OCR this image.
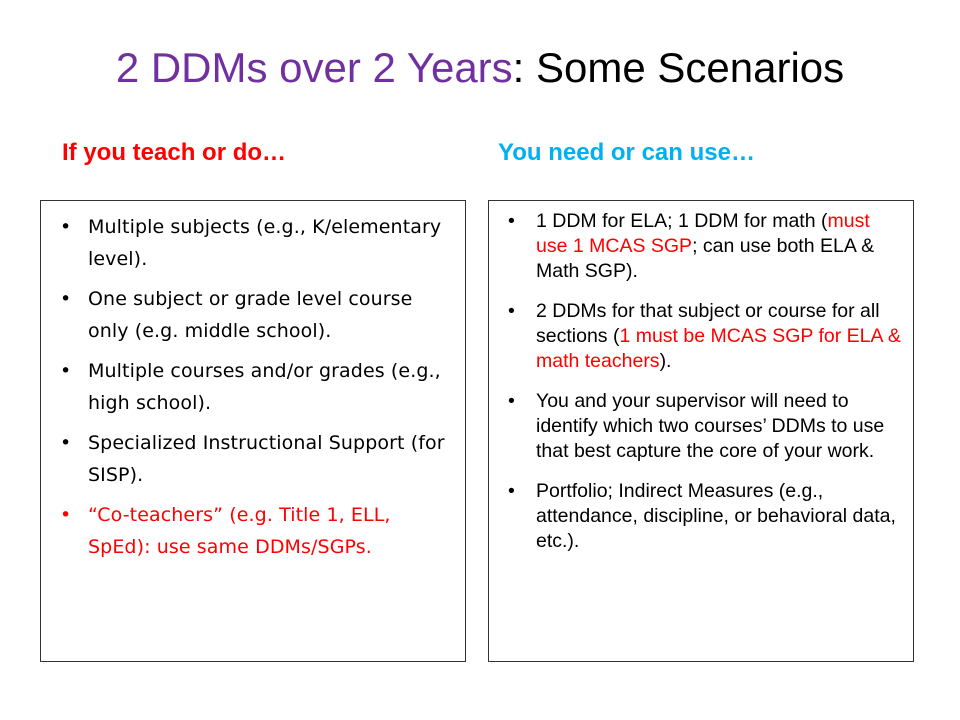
2 DDMs over 2 Years: Some Scenarios
If you teach or do…	You need or can use…
• Multiple subjects (e.g., K/elementary level).
• One subject or grade level course only (e.g. middle school).
• Multiple courses and/or grades (e.g., high school).
• Specialized Instructional Support (for SISP).
• “Co-teachers” (e.g. Title 1, ELL, SpEd): use same DDMs/SGPs.
• 1 DDM for ELA; 1 DDM for math (must use 1 MCAS SGP; can use both ELA & Math SGP).
• 2 DDMs for that subject or course for all sections (1 must be MCAS SGP for ELA & math teachers).
• You and your supervisor will need to identify which two courses’ DDMs to use that best capture the core of your work.
• Portfolio; Indirect Measures (e.g., attendance, discipline, or behavioral data, etc.).
